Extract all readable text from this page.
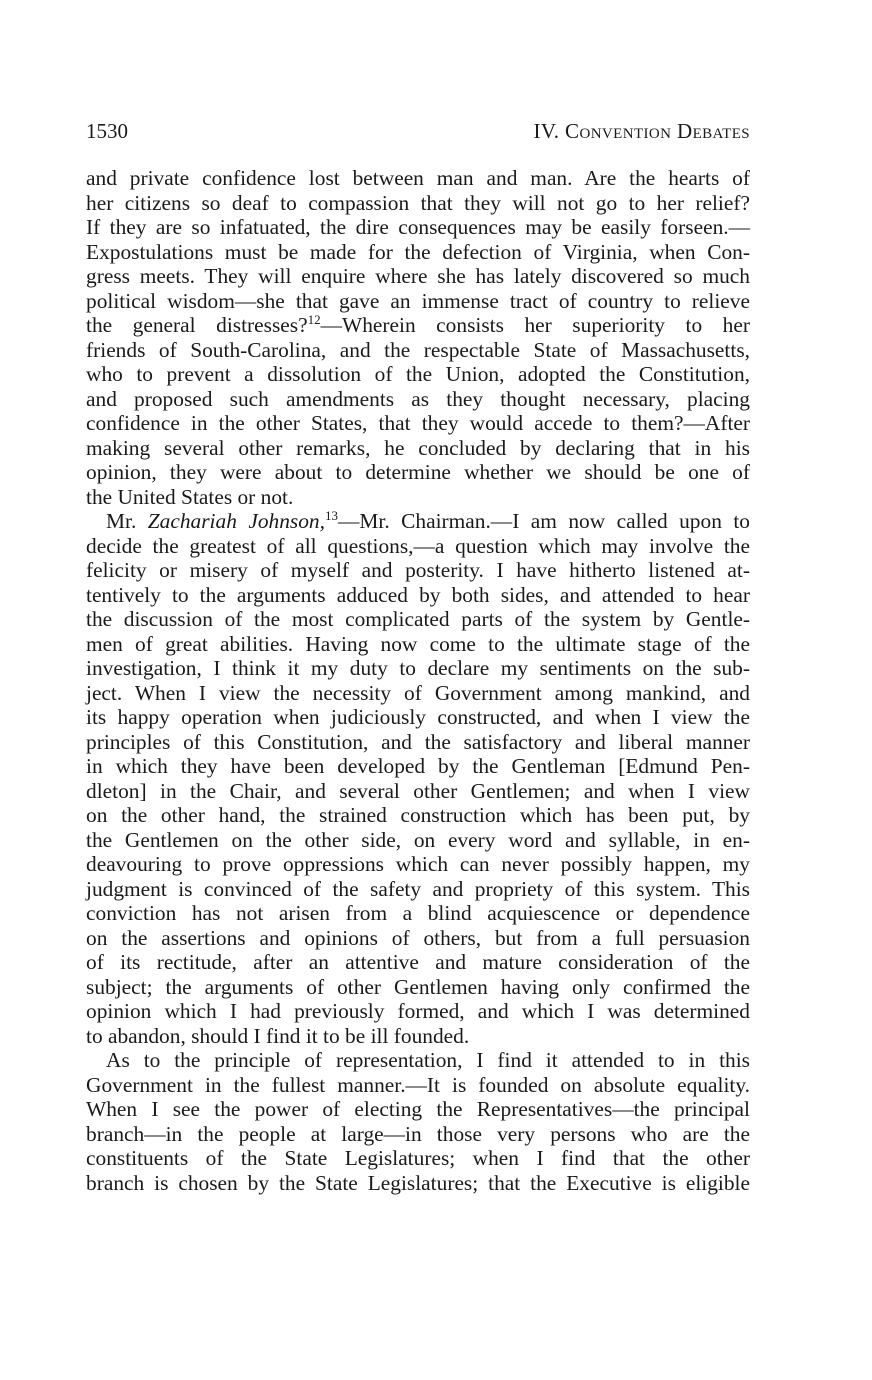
1530	IV. Convention Debates
and private confidence lost between man and man. Are the hearts of
her citizens so deaf to compassion that they will not go to her relief?
If they are so infatuated, the dire consequences may be easily forseen.—
Expostulations must be made for the defection of Virginia, when Con-
gress meets. They will enquire where she has lately discovered so much
political wisdom—she that gave an immense tract of country to relieve
the general distresses?$^{12}$—Wherein consists her superiority to her
friends of South-Carolina, and the respectable State of Massachusetts,
who to prevent a dissolution of the Union, adopted the Constitution,
and proposed such amendments as they thought necessary, placing
confidence in the other States, that they would accede to them?—After
making several other remarks, he concluded by declaring that in his
opinion, they were about to determine whether we should be one of
the United States or not.
Mr. Zachariah Johnson,$^{13}$—Mr. Chairman.—I am now called upon to
decide the greatest of all questions,—a question which may involve the
felicity or misery of myself and posterity. I have hitherto listened at-
tentively to the arguments adduced by both sides, and attended to hear
the discussion of the most complicated parts of the system by Gentle-
men of great abilities. Having now come to the ultimate stage of the
investigation, I think it my duty to declare my sentiments on the sub-
ject. When I view the necessity of Government among mankind, and
its happy operation when judiciously constructed, and when I view the
principles of this Constitution, and the satisfactory and liberal manner
in which they have been developed by the Gentleman [Edmund Pen-
dleton] in the Chair, and several other Gentlemen; and when I view
on the other hand, the strained construction which has been put, by
the Gentlemen on the other side, on every word and syllable, in en-
deavouring to prove oppressions which can never possibly happen, my
judgment is convinced of the safety and propriety of this system. This
conviction has not arisen from a blind acquiescence or dependence
on the assertions and opinions of others, but from a full persuasion
of its rectitude, after an attentive and mature consideration of the
subject; the arguments of other Gentlemen having only confirmed the
opinion which I had previously formed, and which I was determined
to abandon, should I find it to be ill founded.
As to the principle of representation, I find it attended to in this
Government in the fullest manner.—It is founded on absolute equality.
When I see the power of electing the Representatives—the principal
branch—in the people at large—in those very persons who are the
constituents of the State Legislatures; when I find that the other
branch is chosen by the State Legislatures; that the Executive is eligible
